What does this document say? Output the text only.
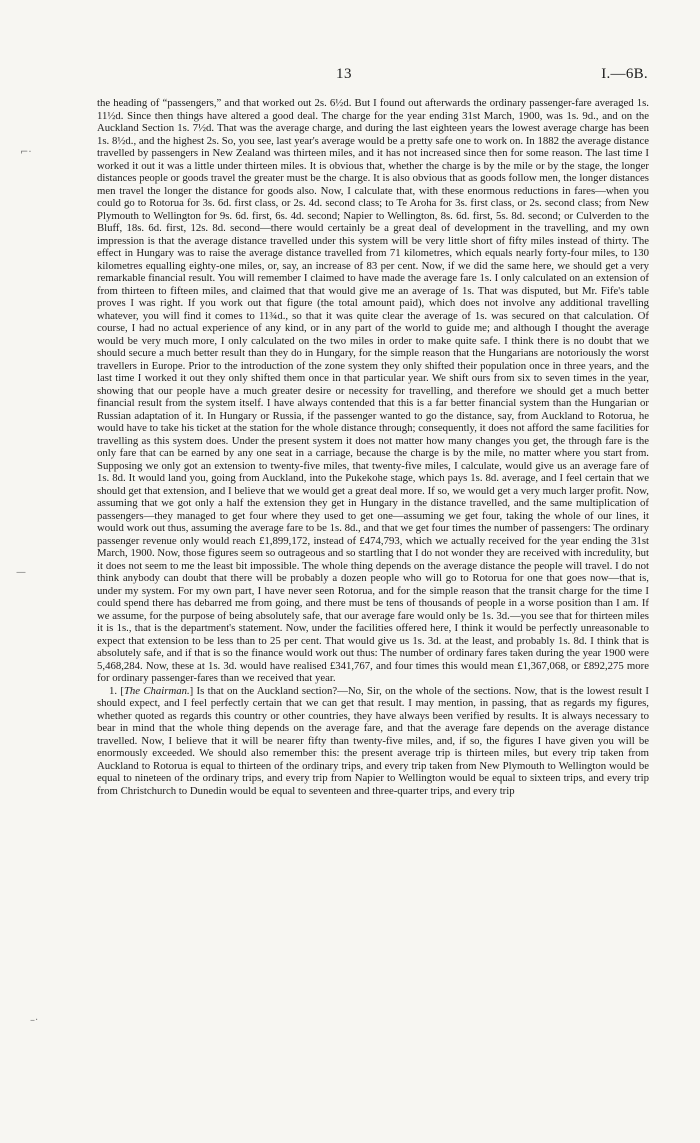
13	I.—6B.
⌐·
—
–·

the heading of “passengers,” and that worked out 2s. 6½d. But I found out afterwards the ordinary passenger-fare averaged 1s. 11½d. Since then things have altered a good deal. The charge for the year ending 31st March, 1900, was 1s. 9d., and on the Auckland Section 1s. 7½d. That was the average charge, and during the last eighteen years the lowest average charge has been 1s. 8½d., and the highest 2s. So, you see, last year's average would be a pretty safe one to work on. In 1882 the average distance travelled by passengers in New Zealand was thirteen miles, and it has not increased since then for some reason. The last time I worked it out it was a little under thirteen miles. It is obvious that, whether the charge is by the mile or by the stage, the longer distances people or goods travel the greater must be the charge. It is also obvious that as goods follow men, the longer distances men travel the longer the distance for goods also. Now, I calculate that, with these enormous reductions in fares—when you could go to Rotorua for 3s. 6d. first class, or 2s. 4d. second class; to Te Aroha for 3s. first class, or 2s. second class; from New Plymouth to Wellington for 9s. 6d. first, 6s. 4d. second; Napier to Wellington, 8s. 6d. first, 5s. 8d. second; or Culverden to the Bluff, 18s. 6d. first, 12s. 8d. second—there would certainly be a great deal of development in the travelling, and my own impression is that the average distance travelled under this system will be very little short of fifty miles instead of thirty. The effect in Hungary was to raise the average distance travelled from 71 kilometres, which equals nearly forty-four miles, to 130 kilometres equalling eighty-one miles, or, say, an increase of 83 per cent. Now, if we did the same here, we should get a very remarkable financial result. You will remember I claimed to have made the average fare 1s. I only calculated on an extension of from thirteen to fifteen miles, and claimed that that would give me an average of 1s. That was disputed, but Mr. Fife's table proves I was right. If you work out that figure (the total amount paid), which does not involve any additional travelling whatever, you will find it comes to 11¾d., so that it was quite clear the average of 1s. was secured on that calculation. Of course, I had no actual experience of any kind, or in any part of the world to guide me; and although I thought the average would be very much more, I only calculated on the two miles in order to make quite safe. I think there is no doubt that we should secure a much better result than they do in Hungary, for the simple reason that the Hungarians are notoriously the worst travellers in Europe. Prior to the introduction of the zone system they only shifted their population once in three years, and the last time I worked it out they only shifted them once in that particular year. We shift ours from six to seven times in the year, showing that our people have a much greater desire or necessity for travelling, and therefore we should get a much better financial result from the system itself. I have always contended that this is a far better financial system than the Hungarian or Russian adaptation of it. In Hungary or Russia, if the passenger wanted to go the distance, say, from Auckland to Rotorua, he would have to take his ticket at the station for the whole distance through; consequently, it does not afford the same facilities for travelling as this system does. Under the present system it does not matter how many changes you get, the through fare is the only fare that can be earned by any one seat in a carriage, because the charge is by the mile, no matter where you start from. Supposing we only got an extension to twenty-five miles, that twenty-five miles, I calculate, would give us an average fare of 1s. 8d. It would land you, going from Auckland, into the Pukekohe stage, which pays 1s. 8d. average, and I feel certain that we should get that extension, and I believe that we would get a great deal more. If so, we would get a very much larger profit. Now, assuming that we got only a half the extension they get in Hungary in the distance travelled, and the same multiplication of passengers—they managed to get four where they used to get one—assuming we get four, taking the whole of our lines, it would work out thus, assuming the average fare to be 1s. 8d., and that we get four times the number of passengers: The ordinary passenger revenue only would reach £1,899,172, instead of £474,793, which we actually received for the year ending the 31st March, 1900. Now, those figures seem so outrageous and so startling that I do not wonder they are received with incredulity, but it does not seem to me the least bit impossible. The whole thing depends on the average distance the people will travel. I do not think anybody can doubt that there will be probably a dozen people who will go to Rotorua for one that goes now—that is, under my system. For my own part, I have never seen Rotorua, and for the simple reason that the transit charge for the time I could spend there has debarred me from going, and there must be tens of thousands of people in a worse position than I am. If we assume, for the purpose of being absolutely safe, that our average fare would only be 1s. 3d.—you see that for thirteen miles it is 1s., that is the department's statement. Now, under the facilities offered here, I think it would be perfectly unreasonable to expect that extension to be less than to 25 per cent. That would give us 1s. 3d. at the least, and probably 1s. 8d. I think that is absolutely safe, and if that is so the finance would work out thus: The number of ordinary fares taken during the year 1900 were 5,468,284. Now, these at 1s. 3d. would have realised £341,767, and four times this would mean £1,367,068, or £892,275 more for ordinary passenger-fares than we received that year.

1. [The Chairman.] Is that on the Auckland section?—No, Sir, on the whole of the sections. Now, that is the lowest result I should expect, and I feel perfectly certain that we can get that result. I may mention, in passing, that as regards my figures, whether quoted as regards this country or other countries, they have always been verified by results. It is always necessary to bear in mind that the whole thing depends on the average fare, and that the average fare depends on the average distance travelled. Now, I believe that it will be nearer fifty than twenty-five miles, and, if so, the figures I have given you will be enormously exceeded. We should also remember this: the present average trip is thirteen miles, but every trip taken from Auckland to Rotorua is equal to thirteen of the ordinary trips, and every trip taken from New Plymouth to Wellington would be equal to nineteen of the ordinary trips, and every trip from Napier to Wellington would be equal to sixteen trips, and every trip from Christchurch to Dunedin would be equal to seventeen and three-quarter trips, and every trip
